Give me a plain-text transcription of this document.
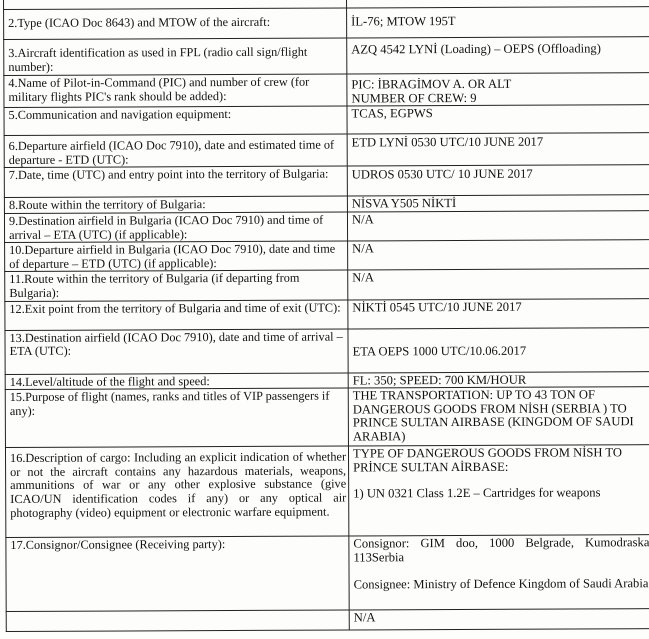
2.Type (ICAO Doc 8643) and MTOW of the aircraft:	İL-76; MTOW 195T
3.Aircraft identification as used in FPL (radio call sign/flight number):	AZQ 4542 LYNİ (Loading) – OEPS (Offloading)
4.Name of Pilot-in-Command (PIC) and number of crew (for military flights PIC's rank should be added):	PIC: İBRAGİMOV A. OR ALT
NUMBER OF CREW: 9

5.Communication and navigation equipment:	TCAS, EGPWS
6.Departure airfield (ICAO Doc 7910), date and estimated time of departure - ETD (UTC):	ETD LYNİ 0530 UTC/10 JUNE 2017
7.Date, time (UTC) and entry point into the territory of Bulgaria:	UDROS 0530 UTC/ 10 JUNE 2017
8.Route within the territory of Bulgaria:	NİSVA Y505 NİKTİ
9.Destination airfield in Bulgaria (ICAO Doc 7910) and time of arrival – ETA (UTC) (if applicable):	N/A
10.Departure airfield in Bulgaria (ICAO Doc 7910), date and time of departure – ETD (UTC) (if applicable):	N/A
11.Route within the territory of Bulgaria (if departing from Bulgaria):	N/A
12.Exit point from the territory of Bulgaria and time of exit (UTC):	NİKTİ 0545 UTC/10 JUNE 2017
13.Destination airfield (ICAO Doc 7910), date and time of arrival – ETA (UTC):	ETA OEPS 1000 UTC/10.06.2017
14.Level/altitude of the flight and speed:	FL: 350; SPEED: 700 KM/HOUR
15.Purpose of flight (names, ranks and titles of VIP passengers if any):	THE TRANSPORTATION: UP TO 43 TON OF DANGEROUS GOODS FROM NİSH (SERBIA ) TO PRINCE SULTAN AIRBASE (KINGDOM OF SAUDI ARABIA)
16.Description of cargo: Including an explicit indication of whether or not the aircraft contains any hazardous materials, weapons, ammunitions of war or any other explosive substance (give ICAO/UN identification codes if any) or any optical air photography (video) equipment or electronic warfare equipment.	TYPE OF DANGEROUS GOODS FROM NİSH TO PRİNCE SULTAN AİRBASE:
1) UN 0321 Class 1.2E – Cartridges for weapons

17.Consignor/Consignee (Receiving party):	Consignor: GIM doo, 1000 Belgrade, Kumodraska 113Serbia
Consignee: Ministry of Defence Kingdom of Saudi Arabia

	N/A
